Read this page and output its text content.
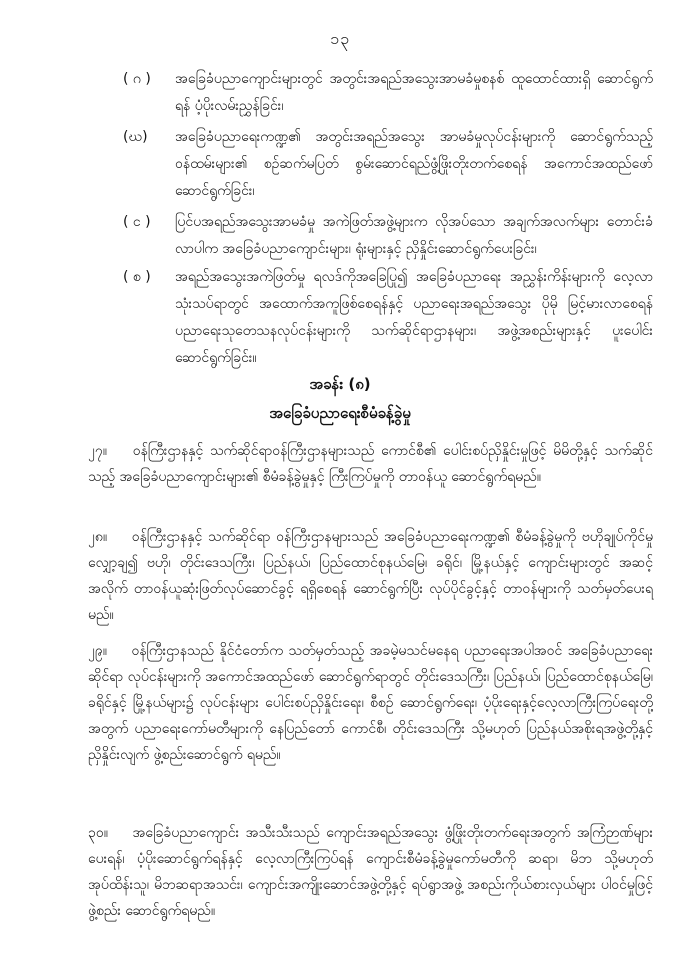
၁၃
( ဂ ) အခြေခံပညာကျောင်းများတွင် အတွင်းအရည်အသွေးအာမခံမှုစနစ် ထူထောင်ထားရှိ ဆောင်ရွက်ရန် ပံ့ပိုးလမ်းညွှန်ခြင်း၊
(ဃ) အခြေခံပညာရေးကဏ္ဍ၏ အတွင်းအရည်အသွေး အာမခံမှုလုပ်ငန်းများကို ဆောင်ရွက်သည့် ဝန်ထမ်းများ၏ စဉ်ဆက်မပြတ် စွမ်းဆောင်ရည်ဖွံ့ဖြိုးတိုးတက်စေရန် အကောင်အထည်ဖော် ဆောင်ရွက်ခြင်း၊
( င ) ပြင်ပအရည်အသွေးအာမခံမှု အကဲဖြတ်အဖွဲ့များက လိုအပ်သော အချက်အလက်များ တောင်းခံလာပါက အခြေခံပညာကျောင်းများ၊ ရုံးများနှင့် ညှိနှိုင်းဆောင်ရွက်ပေးခြင်း၊
( စ ) အရည်အသွေးအကဲဖြတ်မှု ရလဒ်ကိုအခြေပြု၍ အခြေခံပညာရေး အညွှန်းကိန်းများကို လေ့လာသုံးသပ်ရာတွင် အထောက်အကူဖြစ်စေရန်နှင့် ပညာရေးအရည်အသွေး ပိုမို မြင့်မားလာစေရန် ပညာရေးသုတေသနလုပ်ငန်းများကို သက်ဆိုင်ရာဌာနများ၊ အဖွဲ့အစည်းများနှင့် ပူးပေါင်းဆောင်ရွက်ခြင်း။
အခန်း (၈)
အခြေခံပညာရေးစီမံခန့်ခွဲမှု
၂၇။ ဝန်ကြီးဌာနနှင့် သက်ဆိုင်ရာဝန်ကြီးဌာနများသည် ကောင်စီ၏ ပေါင်းစပ်ညှိနှိုင်းမှုဖြင့် မိမိတို့နှင့် သက်ဆိုင်သည့် အခြေခံပညာကျောင်းများ၏ စီမံခန့်ခွဲမှုနှင့် ကြီးကြပ်မှုကို တာဝန်ယူ ဆောင်ရွက်ရမည်။
၂၈။ ဝန်ကြီးဌာနနှင့် သက်ဆိုင်ရာ ဝန်ကြီးဌာနများသည် အခြေခံပညာရေးကဏ္ဍ၏ စီမံခန့်ခွဲမှုကို ဗဟိုချုပ်ကိုင်မှုလျှော့ချ၍ ဗဟို၊ တိုင်းဒေသကြီး၊ ပြည်နယ်၊ ပြည်ထောင်စုနယ်မြေ၊ ခရိုင်၊ မြို့နယ်နှင့် ကျောင်းများတွင် အဆင့်အလိုက် တာဝန်ယူဆုံးဖြတ်လုပ်ဆောင်ခွင့် ရရှိစေရန် ဆောင်ရွက်ပြီး လုပ်ပိုင်ခွင့်နှင့် တာဝန်များကို သတ်မှတ်ပေးရမည်။
၂၉။ ဝန်ကြီးဌာနသည် နိုင်ငံတော်က သတ်မှတ်သည့် အခမဲ့မသင်မနေရ ပညာရေးအပါအဝင် အခြေခံပညာရေးဆိုင်ရာ လုပ်ငန်းများကို အကောင်အထည်ဖော် ဆောင်ရွက်ရာတွင် တိုင်းဒေသကြီး၊ ပြည်နယ်၊ ပြည်ထောင်စုနယ်မြေ၊ ခရိုင်နှင့် မြို့နယ်များ၌ လုပ်ငန်းများ ပေါင်းစပ်ညှိနှိုင်းရေး၊ စီစဉ် ဆောင်ရွက်ရေး၊ ပံ့ပိုးရေးနှင့်လေ့လာကြီးကြပ်ရေးတို့အတွက် ပညာရေးကော်မတီများကို နေပြည်တော် ကောင်စီ၊ တိုင်းဒေသကြီး သို့မဟုတ် ပြည်နယ်အစိုးရအဖွဲ့တို့နှင့် ညှိနှိုင်းလျက် ဖွဲ့စည်းဆောင်ရွက် ရမည်။
၃၀။ အခြေခံပညာကျောင်း အသီးသီးသည် ကျောင်းအရည်အသွေး ဖွံ့ဖြိုးတိုးတက်ရေးအတွက် အကြံဉာဏ်များပေးရန်၊ ပံ့ပိုးဆောင်ရွက်ရန်နှင့် လေ့လာကြီးကြပ်ရန် ကျောင်းစီမံခန့်ခွဲမှုကော်မတီကို ဆရာ၊ မိဘ သို့မဟုတ် အုပ်ထိန်းသူ၊ မိဘဆရာအသင်း၊ ကျောင်းအကျိုးဆောင်အဖွဲ့တို့နှင့် ရပ်ရွာအဖွဲ့ အစည်းကိုယ်စားလှယ်များ ပါဝင်မှုဖြင့် ဖွဲ့စည်း ဆောင်ရွက်ရမည်။
